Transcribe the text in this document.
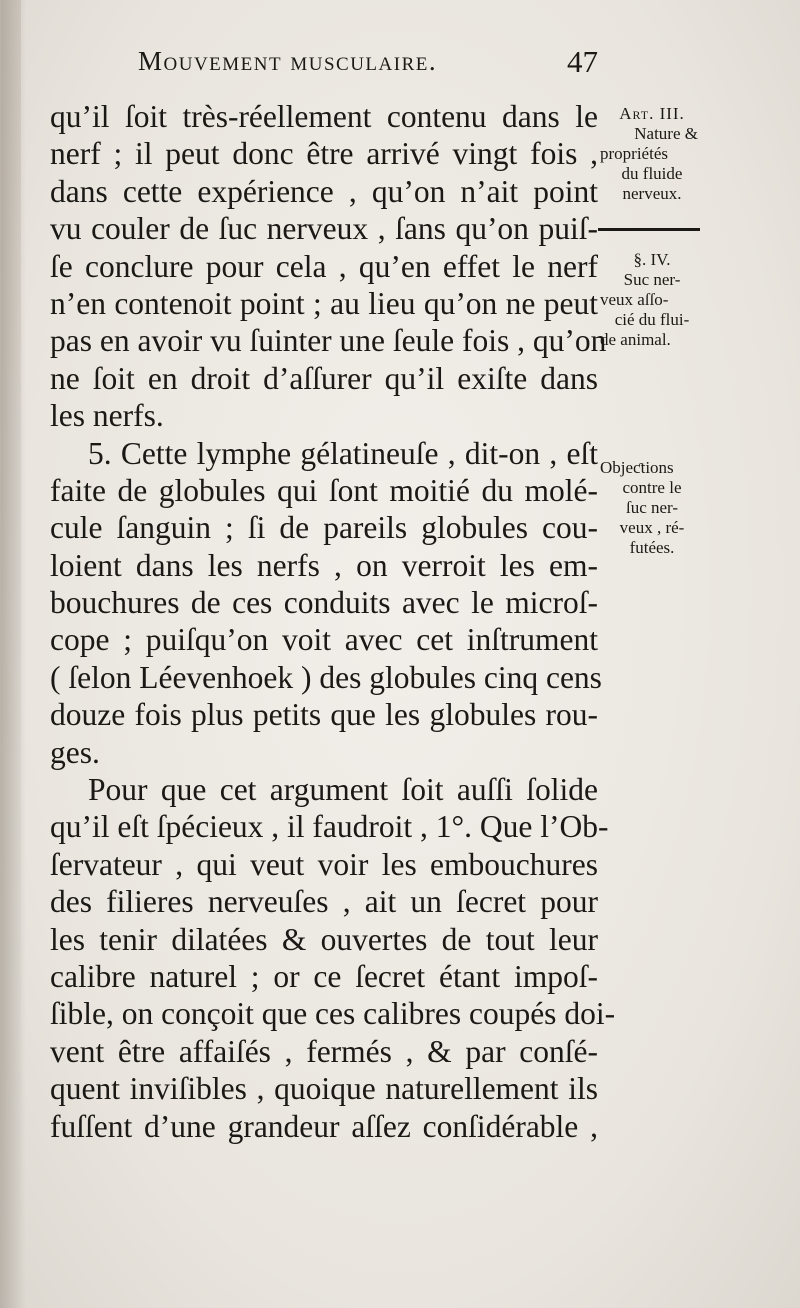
Mouvement musculaire.	47
qu’il ſoit très-réellement contenu dans le
nerf ; il peut donc être arrivé vingt fois ,
dans cette expérience , qu’on n’ait point
vu couler de ſuc nerveux , ſans qu’on puiſ-
ſe conclure pour cela , qu’en effet le nerf
n’en contenoit point ; au lieu qu’on ne peut
pas en avoir vu ſuinter une ſeule fois , qu’on
ne ſoit en droit d’aſſurer qu’il exiſte dans
les nerfs.
5. Cette lymphe gélatineuſe , dit-on , eſt
faite de globules qui ſont moitié du molé-
cule ſanguin ; ſi de pareils globules cou-
loient dans les nerfs , on verroit les em-
bouchures de ces conduits avec le microſ-
cope ; puiſqu’on voit avec cet inſtrument
( ſelon Léevenhoek ) des globules cinq cens
douze fois plus petits que les globules rou-
ges.
Pour que cet argument ſoit auſſi ſolide
qu’il eſt ſpécieux , il faudroit , 1°. Que l’Ob-
ſervateur , qui veut voir les embouchures
des filieres nerveuſes , ait un ſecret pour
les tenir dilatées & ouvertes de tout leur
calibre naturel ; or ce ſecret étant impoſ-
ſible, on conçoit que ces calibres coupés doi-
vent être affaiſés , fermés , & par conſé-
quent inviſibles , quoique naturellement ils
fuſſent d’une grandeur aſſez conſidérable ,
Art. III.
Nature &
propriétés
du fluide
nerveux.
§. IV.
Suc ner-
veux aſſo-
cié du flui-
de animal.
Objeƈtions
contre le
ſuc ner-
veux , ré-
futées.
